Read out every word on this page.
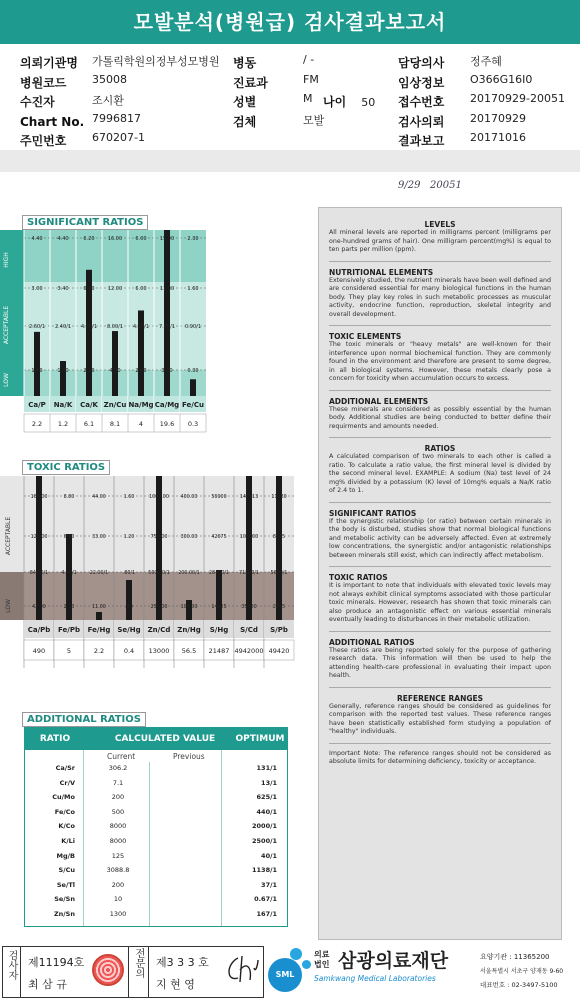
모발분석(병원급) 검사결과보고서
의뢰기관명 가톨릭학원의정부성모병원
병원코드 35008
수진자	조시환
Chart No. 7996817
주민번호 670207-1
병동	/ -
진료과	FM
성별	M
검체	모발
나이 50
담당의사 정주혜
임상정보 O366G16I0
접수번호 20170929-20051
검사의뢰 20170929
결과보고 20171016
9/29   20051
SIGNIFICANT RATIOS
HIGH
ACCEPTABLE
LOW
4.40
3.00
2.60/1
1.40
Ca/P
2.2
4.40
3.40
2.40/1
1.40
Na/K
1.2
6.20
6.00
4.20/1
2.20
Ca/K
6.1
16.00
12.00
8.00/1
4.00
Zn/Cu
8.1
6.00
6.00
4.00/1
2.00
Na/Mg
4
15.00
11.00
7.00/1
3.00
Ca/Mg
19.6
2.30
1.60
0.90/1
0.30
Fe/Cu
0.3
TOXIC RATIOS
ACCEPTABLE
LOW
168.00
126.00
84.00/1
42.00
Ca/Pb
490
8.80
6.60
4.40/1
2.20
Fe/Pb
5
44.00
33.00
22.00/1
11.00
Fe/Hg
2.2
1.60
1.20
.80/1
.40
Se/Hg
0.4
1000.00
750.00
500.00/1
250.00
Zn/Cd
13000
400.00
300.00
200.00/1
100.00
Zn/Hg
56.5
56900
42675
28450/1
14225
S/Hg
21487
142313
106800
71200/1
35600
S/Cd
4942000
11380
8535
5690/1
2845
S/Pb
49420
ADDITIONAL RATIOS
RATIO	CALCULATED VALUE	OPTIMUM
Current	Previous
Ca/Sr	306.2	131/1
Cr/V	7.1	13/1
Cu/Mo	200	625/1
Fe/Co	500	440/1
K/Co	8000	2000/1
K/Li	8000	2500/1
Mg/B	125	40/1
S/Cu	3088.8	1138/1
Se/Tl	200	37/1
Se/Sn	10	0.67/1
Zn/Sn	1300	167/1
LEVELS
All mineral levels are reported in milligrams percent (milligrams per one-hundred grams of hair). One milligram percent(mg%) is equal to ten parts per million (ppm).
NUTRITIONAL ELEMENTS
Extensively studied, the nutrient minerals have been well defined and are considered essential for many biological functions in the human body. They play key roles in such metabolic processes as muscular activity, endocrine function, reproduction, skeletal integrity and overall development.
TOXIC ELEMENTS
The toxic minerals or "heavy metals" are well-known for their interference upon normal biochemical function. They are commonly found in the environment and therefore are present to some degree, in all biological systems. However, these metals clearly pose a concern for toxicity when accumulation occurs to excess.
ADDITIONAL ELEMENTS
These minerals are considered as possibly essential by the human body. Additional studies are being conducted to better define their requirments and amounts needed.
RATIOS
A calculated comparison of two minerals to each other is called a ratio. To calculate a ratio value, the first mineral level is divided by the second mineral level. EXAMPLE: A sodium (Na) test level of 24 mg% divided by a potassium (K) level of 10mg% equals a Na/K ratio of 2.4 to 1.
SIGNIFICANT RATIOS
If the synergistic relationship (or ratio) between certain minerals in the body is disturbed, studies show that normal biological functions and metabolic activity can be adversely affected. Even at extremely low concentrations, the synergistic and/or antagonistic relationships between minerals still exist, which can indirectly affect metabolism.
TOXIC RATIOS
It is important to note that individuals with elevated toxic levels may not always exhibit clinical symptoms associated with those particular toxic minerals. However, research has shown that toxic minerals can also produce an antagonistic effect on various essential minerals eventually leading to disturbances in their metabolic utilization.
ADDITIONAL RATIOS
These ratios are being reported solely for the purpose of gathering research data. This information will then be used to help the attending health-care professional in evaluating their impact upon health.
REFERENCE RANGES
Generally, reference ranges should be considered as guidelines for comparison with the reported test values. These reference ranges have been statistically established form studying a population of "healthy" individuals.
Important Note: The reference ranges should not be considered as absolute limits for determining deficiency, toxicity or acceptance.
검사자 제11194호
최 삼 규
전문의 제3 3 3 호
지 현 영
SML
의료법인 삼광의료재단
Samkwang Medical Laboratories
요양기관 : 11365200
서울특별시 서초구 양재동 9-60
대표번호 : 02-3497-5100
